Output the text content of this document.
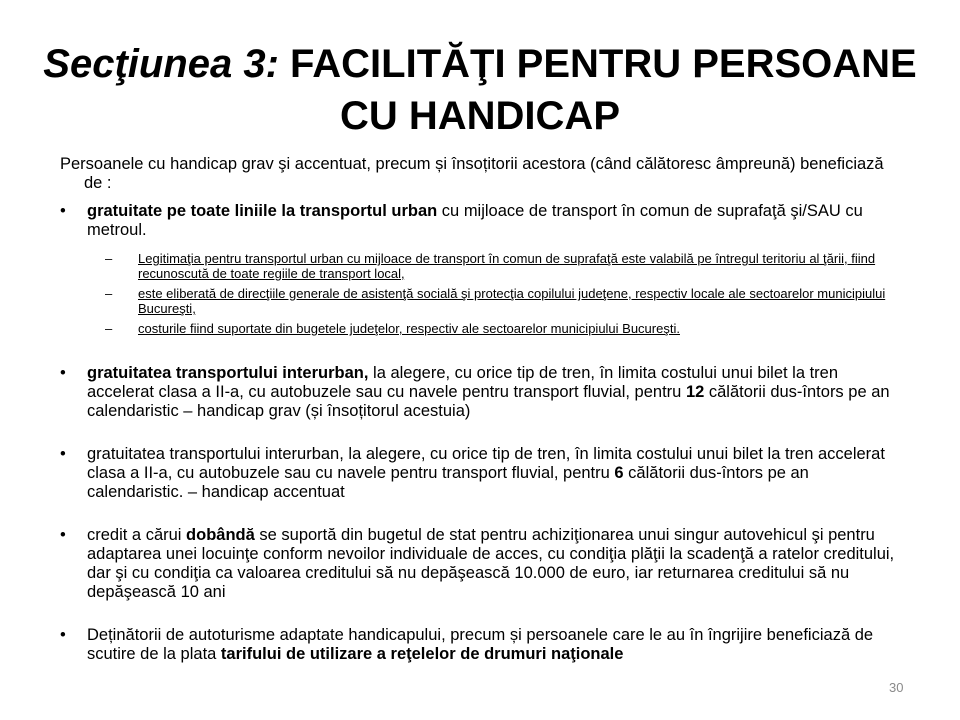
Secţiunea 3: FACILITĂŢI PENTRU PERSOANE CU HANDICAP

Persoanele cu handicap grav şi accentuat, precum și însoțitorii acestora (când călătoresc âmpreună) beneficiază de :

• gratuitate pe toate liniile la transportul urban cu mijloace de transport în comun de suprafaţă şi/SAU cu metroul.
– Legitimaţia pentru transportul urban cu mijloace de transport în comun de suprafaţă este valabilă pe întregul teritoriu al ţării, fiind recunoscută de toate regiile de transport local,
– este eliberată de direcţiile generale de asistenţă socială şi protecţia copilului judeţene, respectiv locale ale sectoarelor municipiului Bucureşti,
– costurile fiind suportate din bugetele judeţelor, respectiv ale sectoarelor municipiului Bucureşti.
• gratuitatea transportului interurban, la alegere, cu orice tip de tren, în limita costului unui bilet la tren accelerat clasa a II-a, cu autobuzele sau cu navele pentru transport fluvial, pentru 12 călătorii dus-întors pe an calendaristic – handicap grav (și însoțitorul acestuia)
• gratuitatea transportului interurban, la alegere, cu orice tip de tren, în limita costului unui bilet la tren accelerat clasa a II-a, cu autobuzele sau cu navele pentru transport fluvial, pentru 6 călătorii dus-întors pe an calendaristic. – handicap accentuat
• credit a cărui dobândă se suportă din bugetul de stat pentru achiziţionarea unui singur autovehicul şi pentru adaptarea unei locuinţe conform nevoilor individuale de acces, cu condiţia plăţii la scadenţă a ratelor creditului, dar şi cu condiţia ca valoarea creditului să nu depăşească 10.000 de euro, iar returnarea creditului să nu depăşească 10 ani
• Deținătorii de autoturisme adaptate handicapului, precum și persoanele care le au în îngrijire beneficiază de scutire de la plata tarifului de utilizare a reţelelor de drumuri naţionale
30
